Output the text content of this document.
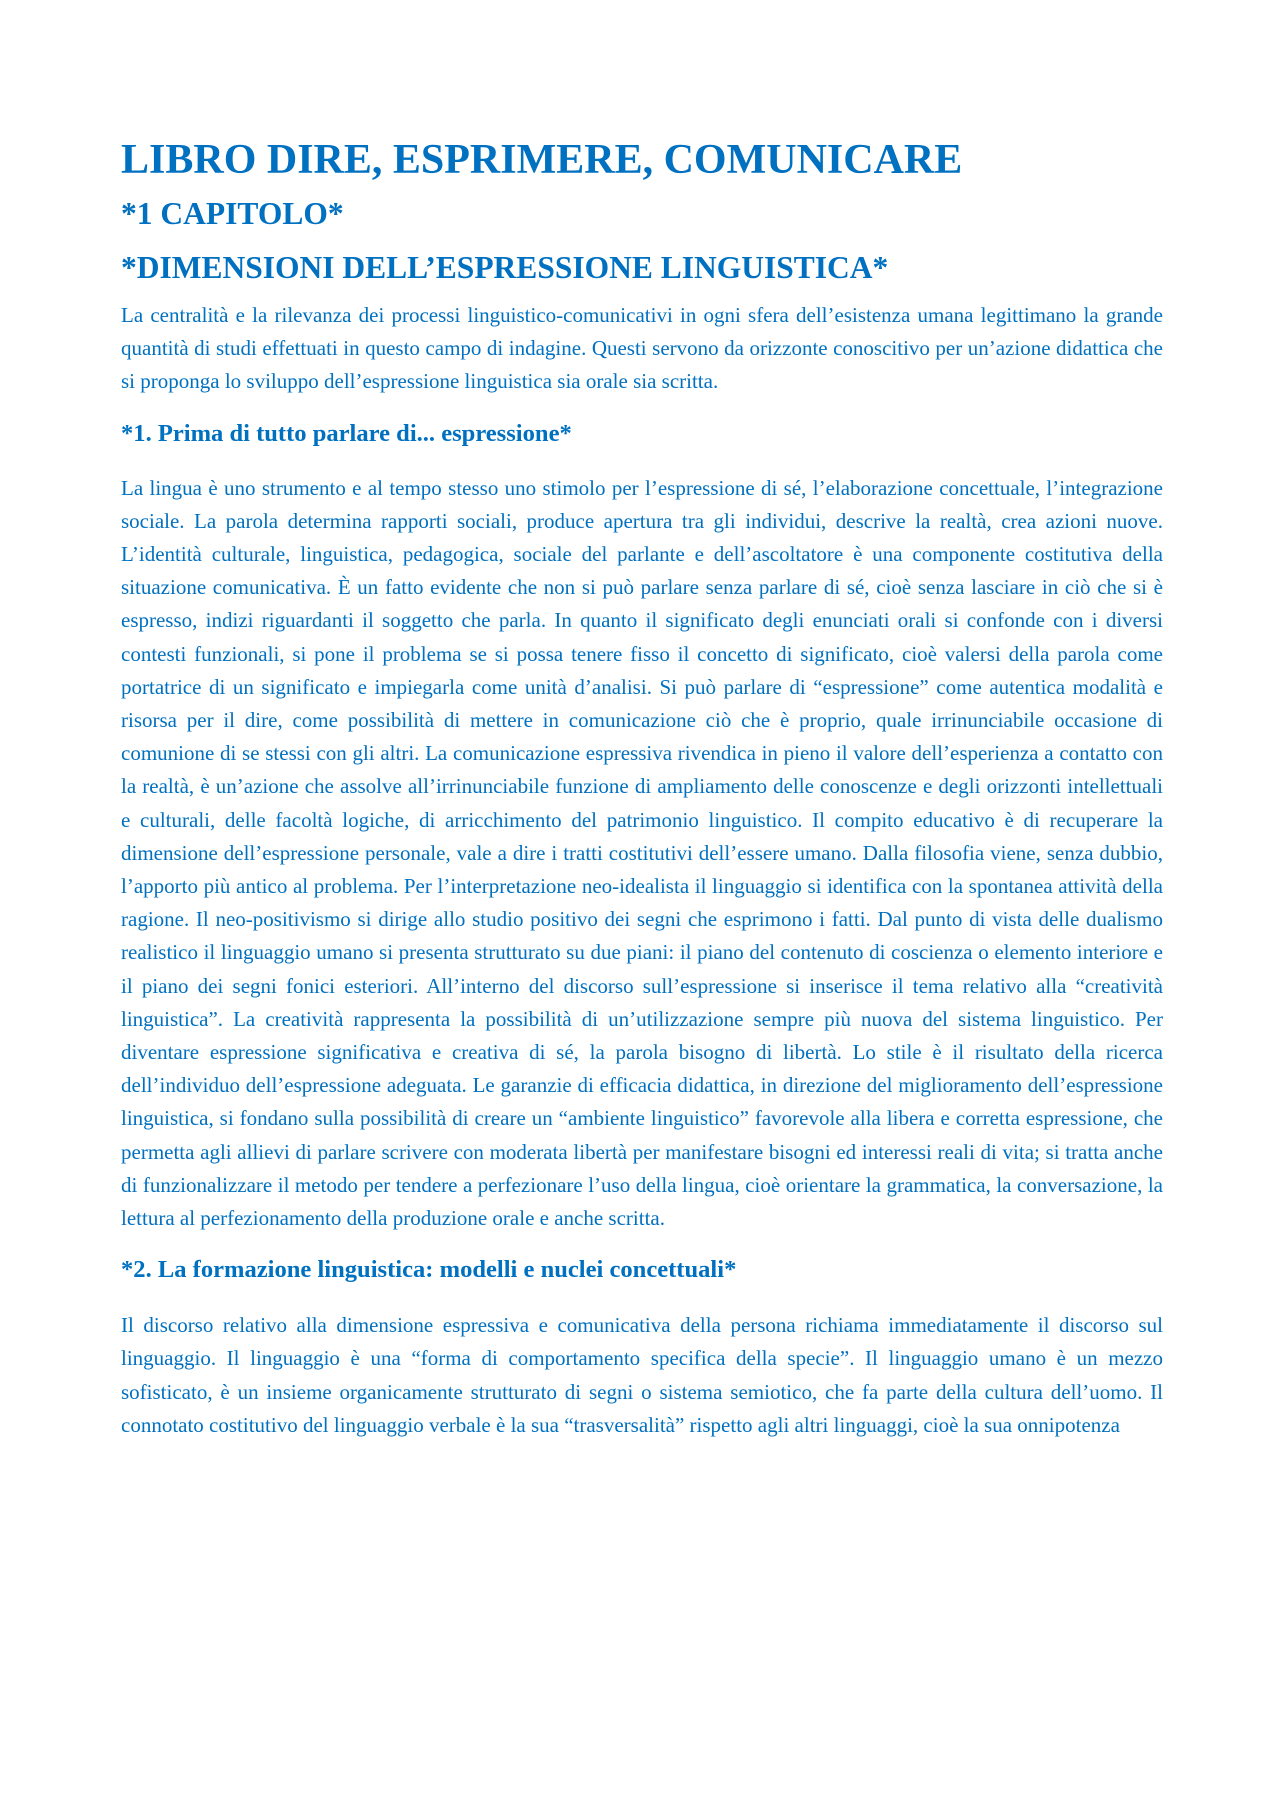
LIBRO DIRE, ESPRIMERE, COMUNICARE
*1 CAPITOLO*
*DIMENSIONI DELL’ESPRESSIONE LINGUISTICA*

La centralità e la rilevanza dei processi linguistico-comunicativi in ogni sfera dell’esistenza umana legittimano la grande quantità di studi effettuati in questo campo di indagine. Questi servono da orizzonte conoscitivo per un’azione didattica che si proponga lo sviluppo dell’espressione linguistica sia orale sia scritta.

*1. Prima di tutto parlare di... espressione*

La lingua è uno strumento e al tempo stesso uno stimolo per l’espressione di sé, l’elaborazione concettuale, l’integrazione sociale. La parola determina rapporti sociali, produce apertura tra gli individui, descrive la realtà, crea azioni nuove. L’identità culturale, linguistica, pedagogica, sociale del parlante e dell’ascoltatore è una componente costitutiva della situazione comunicativa. È un fatto evidente che non si può parlare senza parlare di sé, cioè senza lasciare in ciò che si è espresso, indizi riguardanti il soggetto che parla. In quanto il significato degli enunciati orali si confonde con i diversi contesti funzionali, si pone il problema se si possa tenere fisso il concetto di significato, cioè valersi della parola come portatrice di un significato e impiegarla come unità d’analisi. Si può parlare di “espressione” come autentica modalità e risorsa per il dire, come possibilità di mettere in comunicazione ciò che è proprio, quale irrinunciabile occasione di comunione di se stessi con gli altri. La comunicazione espressiva rivendica in pieno il valore dell’esperienza a contatto con la realtà, è un’azione che assolve all’irrinunciabile funzione di ampliamento delle conoscenze e degli orizzonti intellettuali e culturali, delle facoltà logiche, di arricchimento del patrimonio linguistico. Il compito educativo è di recuperare la dimensione dell’espressione personale, vale a dire i tratti costitutivi dell’essere umano. Dalla filosofia viene, senza dubbio, l’apporto più antico al problema. Per l’interpretazione neo-idealista il linguaggio si identifica con la spontanea attività della ragione. Il neo-positivismo si dirige allo studio positivo dei segni che esprimono i fatti. Dal punto di vista delle dualismo realistico il linguaggio umano si presenta strutturato su due piani: il piano del contenuto di coscienza o elemento interiore e il piano dei segni fonici esteriori. All’interno del discorso sull’espressione si inserisce il tema relativo alla “creatività linguistica”. La creatività rappresenta la possibilità di un’utilizzazione sempre più nuova del sistema linguistico. Per diventare espressione significativa e creativa di sé, la parola bisogno di libertà. Lo stile è il risultato della ricerca dell’individuo dell’espressione adeguata. Le garanzie di efficacia didattica, in direzione del miglioramento dell’espressione linguistica, si fondano sulla possibilità di creare un “ambiente linguistico” favorevole alla libera e corretta espressione, che permetta agli allievi di parlare scrivere con moderata libertà per manifestare bisogni ed interessi reali di vita; si tratta anche di funzionalizzare il metodo per tendere a perfezionare l’uso della lingua, cioè orientare la grammatica, la conversazione, la lettura al perfezionamento della produzione orale e anche scritta.

*2. La formazione linguistica: modelli e nuclei concettuali*

Il discorso relativo alla dimensione espressiva e comunicativa della persona richiama immediatamente il discorso sul linguaggio. Il linguaggio è una “forma di comportamento specifica della specie”. Il linguaggio umano è un mezzo sofisticato, è un insieme organicamente strutturato di segni o sistema semiotico, che fa parte della cultura dell’uomo. Il connotato costitutivo del linguaggio verbale è la sua “trasversalità” rispetto agli altri linguaggi, cioè la sua onnipotenza
